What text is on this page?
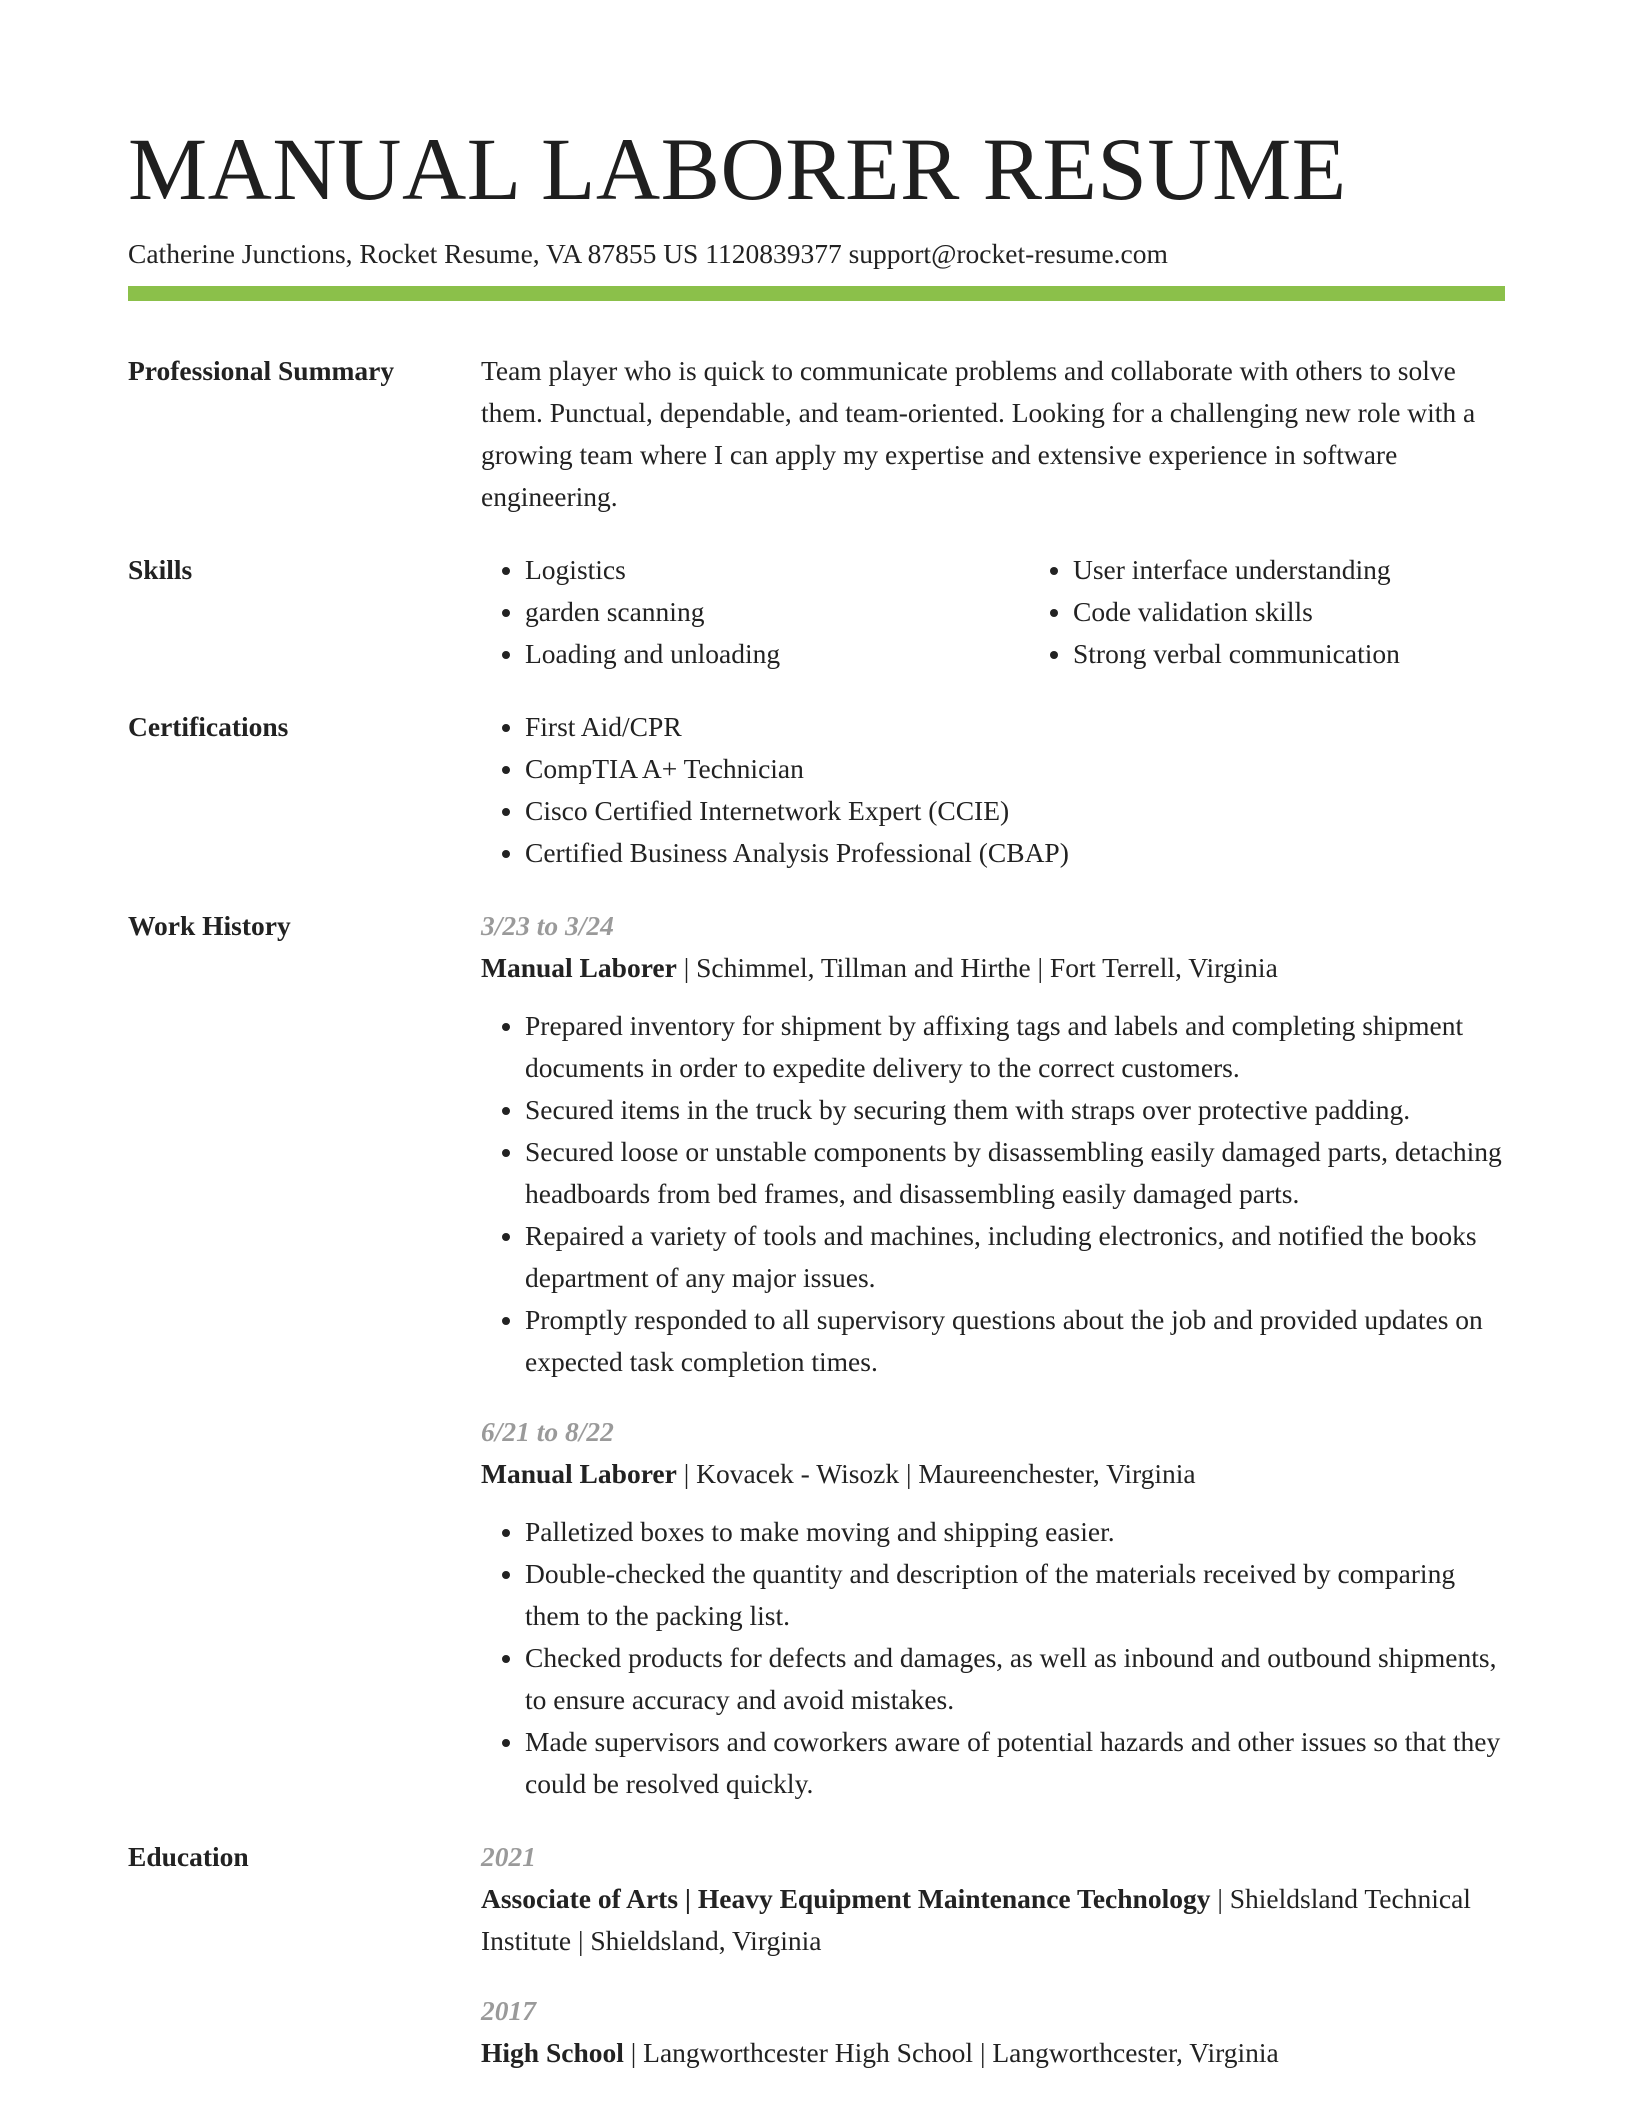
MANUAL LABORER RESUME
Catherine Junctions, Rocket Resume, VA 87855 US 1120839377 support@rocket-resume.com
Professional Summary	Team player who is quick to communicate problems and collaborate with others to solve them. Punctual, dependable, and team-oriented. Looking for a challenging new role with a growing team where I can apply my expertise and extensive experience in software engineering.
Skills	• Logistics
• garden scanning
• Loading and unloading
• User interface understanding
• Code validation skills
• Strong verbal communication
Certifications	• First Aid/CPR
• CompTIA A+ Technician
• Cisco Certified Internetwork Expert (CCIE)
• Certified Business Analysis Professional (CBAP)
Work History	3/23 to 3/24
Manual Laborer | Schimmel, Tillman and Hirthe | Fort Terrell, Virginia
• Prepared inventory for shipment by affixing tags and labels and completing shipment documents in order to expedite delivery to the correct customers.
• Secured items in the truck by securing them with straps over protective padding.
• Secured loose or unstable components by disassembling easily damaged parts, detaching headboards from bed frames, and disassembling easily damaged parts.
• Repaired a variety of tools and machines, including electronics, and notified the books department of any major issues.
• Promptly responded to all supervisory questions about the job and provided updates on expected task completion times.
6/21 to 8/22
Manual Laborer | Kovacek - Wisozk | Maureenchester, Virginia
• Palletized boxes to make moving and shipping easier.
• Double-checked the quantity and description of the materials received by comparing them to the packing list.
• Checked products for defects and damages, as well as inbound and outbound shipments, to ensure accuracy and avoid mistakes.
• Made supervisors and coworkers aware of potential hazards and other issues so that they could be resolved quickly.
Education	2021
Associate of Arts | Heavy Equipment Maintenance Technology | Shieldsland Technical Institute | Shieldsland, Virginia
2017
High School | Langworthcester High School | Langworthcester, Virginia
